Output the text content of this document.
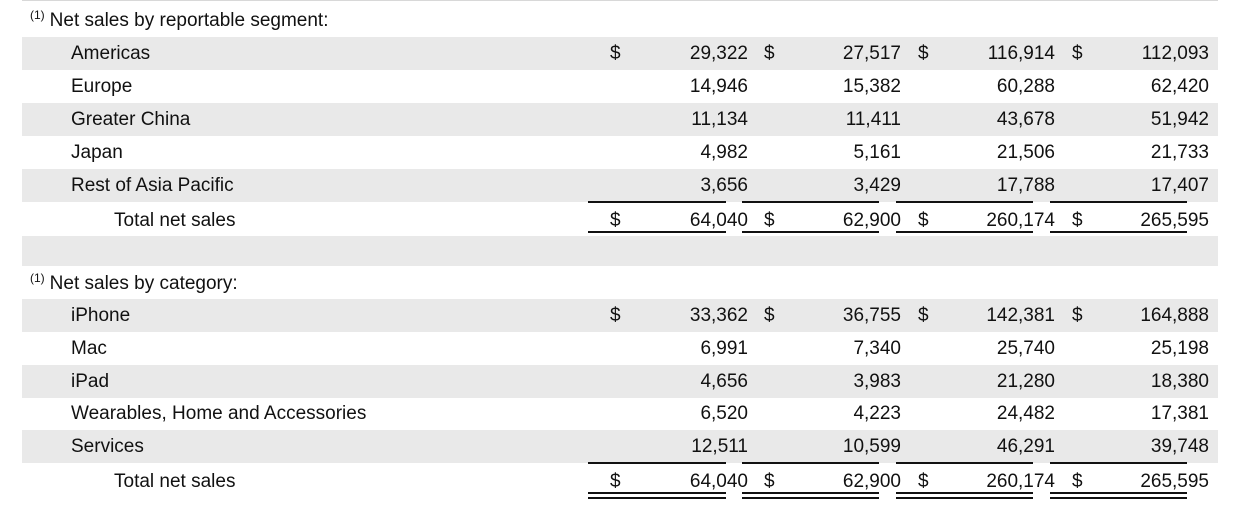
$^{(1)}$ Net sales by reportable segment:
Americas	$	29,322 $	27,517 $	116,914 $	112,093
Europe	14,946	15,382	60,288	62,420
Greater China	11,134	11,411	43,678	51,942
Japan	4,982	5,161	21,506	21,733
Rest of Asia Pacific	3,656	3,429	17,788	17,407
Total net sales	$	64,040 $	62,900 $	260,174 $	265,595
$^{(1)}$ Net sales by category:
iPhone	$	33,362 $	36,755 $	142,381 $	164,888
Mac	6,991	7,340	25,740	25,198
iPad	4,656	3,983	21,280	18,380
Wearables, Home and Accessories	6,520	4,223	24,482	17,381
Services	12,511	10,599	46,291	39,748
Total net sales	$	64,040 $	62,900 $	260,174 $	265,595
